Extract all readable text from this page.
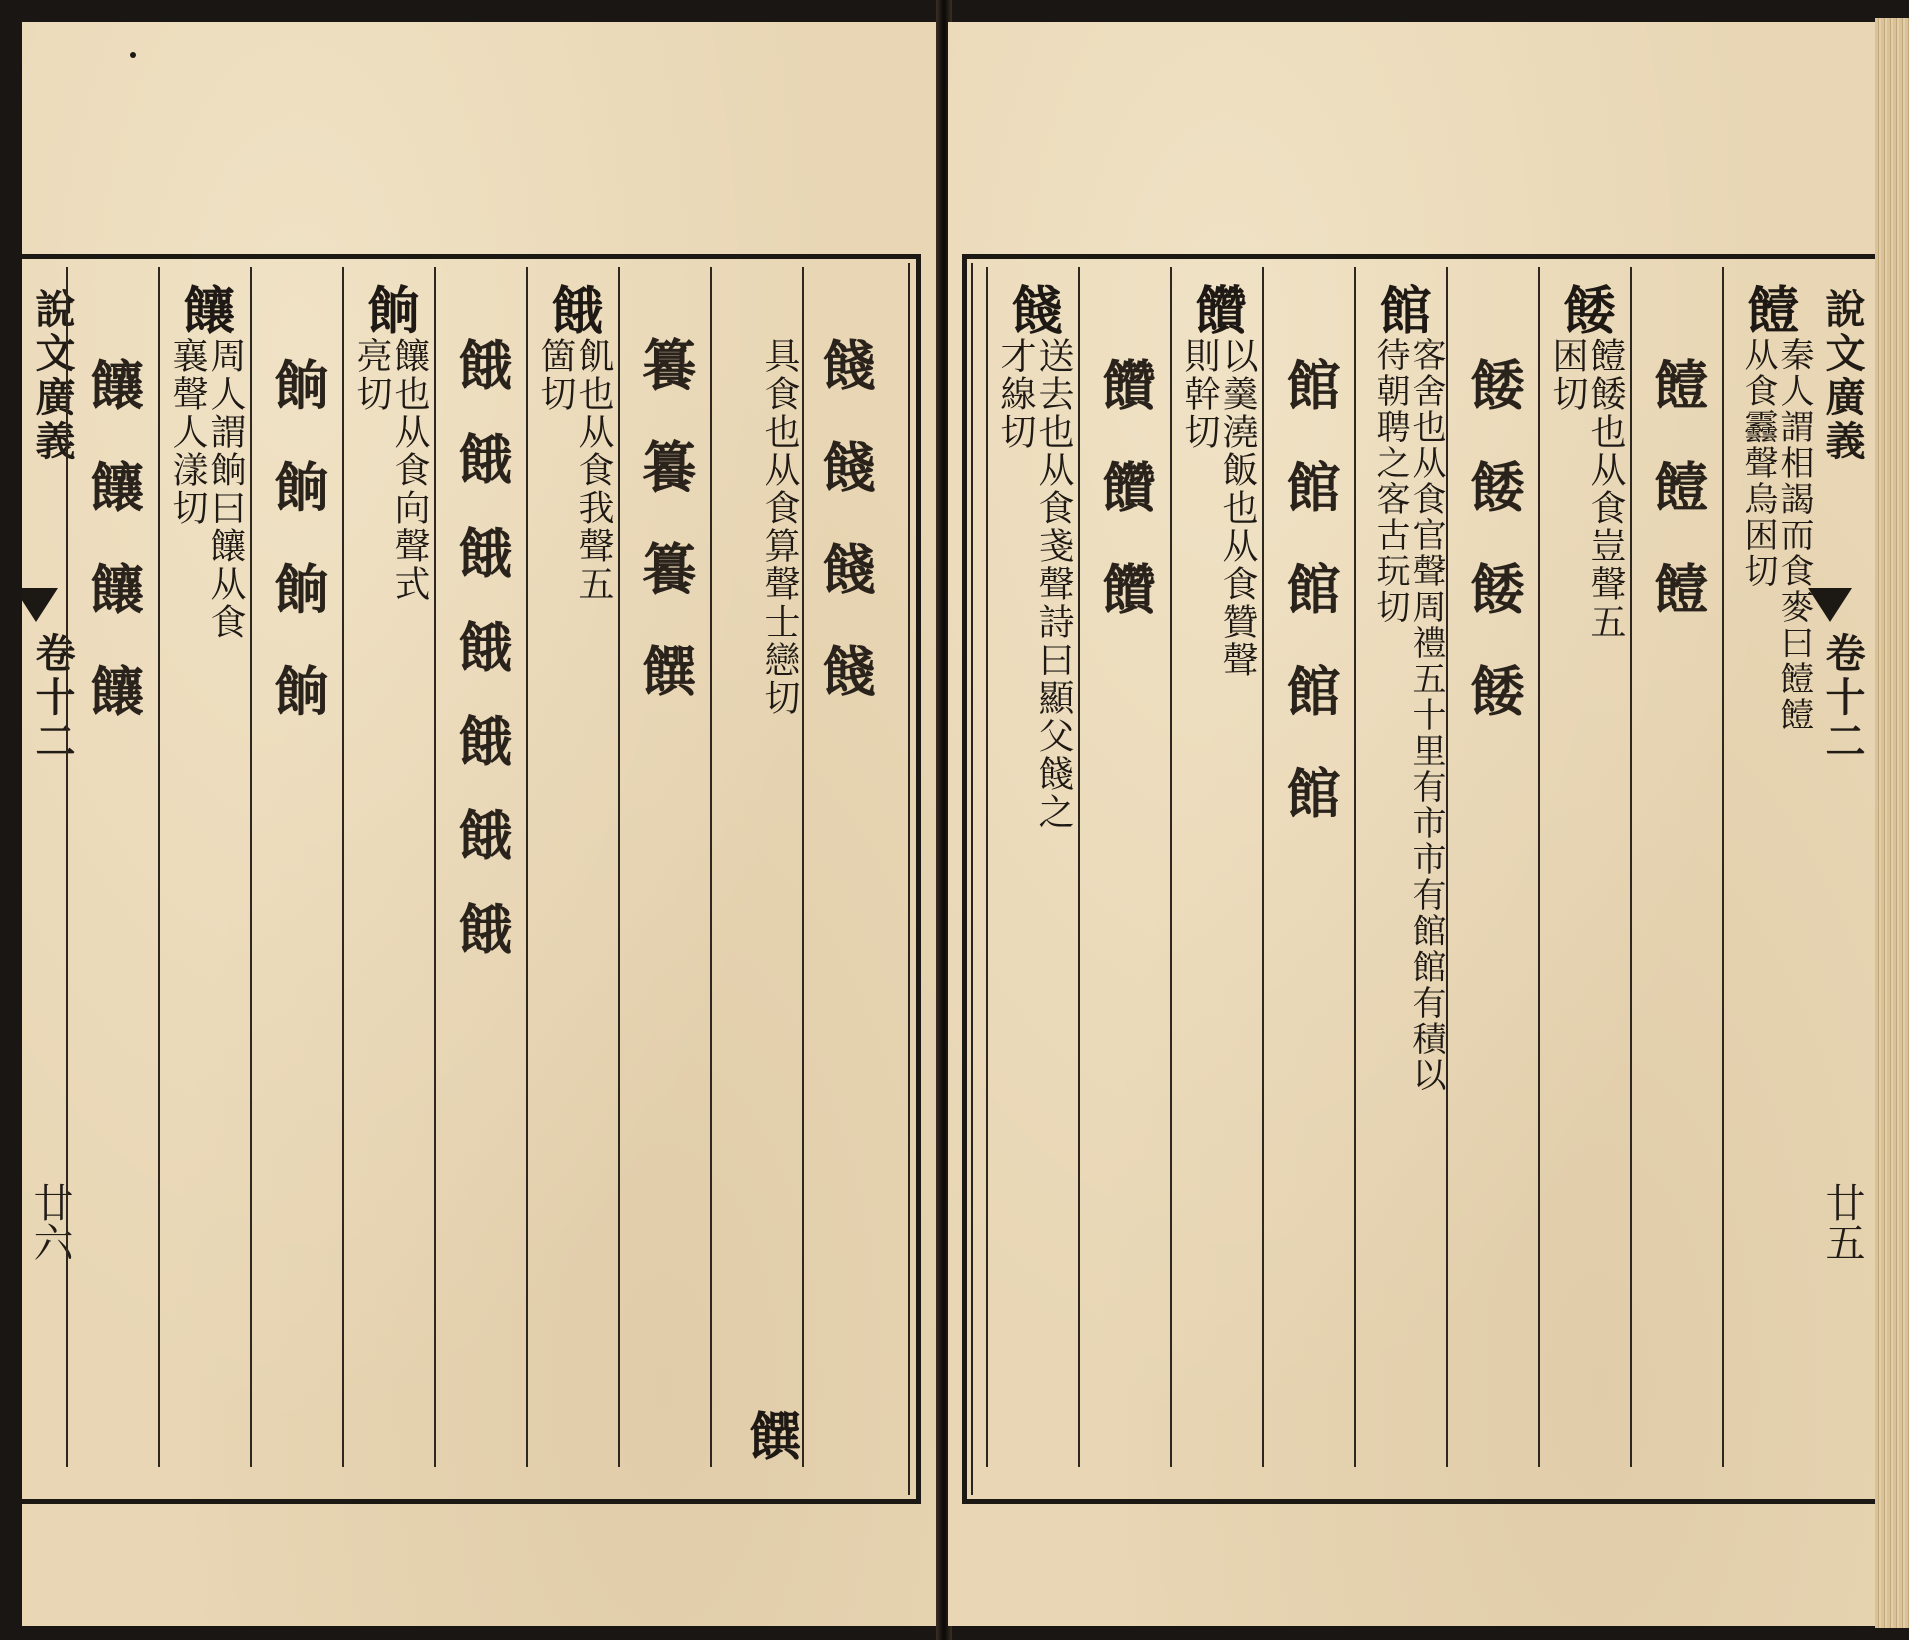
說文廣義
卷十二
廿六
餞餞餞餞
饌
具食也从食算聲士戀切
籑籑籑饌
餓
飢也从食我聲五箇切
餓餓餓餓餓餓餓
餉
饟也从食向聲式亮切
餉餉餉餉
饟
周人謂餉曰饟从食襄聲人漾切
饟饟饟饟	說文廣義
卷十二
廿五
饐
秦人謂相謁而食麥曰饐饐从食䨺聲烏困切
饐饐饐
餧
饐餧也从食豈聲五困切
餧餧餧餧
館
客舍也从食官聲周禮五十里有市市有館館有積以待朝聘之客古玩切
館館館館館
饡
以羹澆飯也从食贊聲則幹切
饡饡饡
餞
送去也从食戔聲詩曰顯父餞之才線切
